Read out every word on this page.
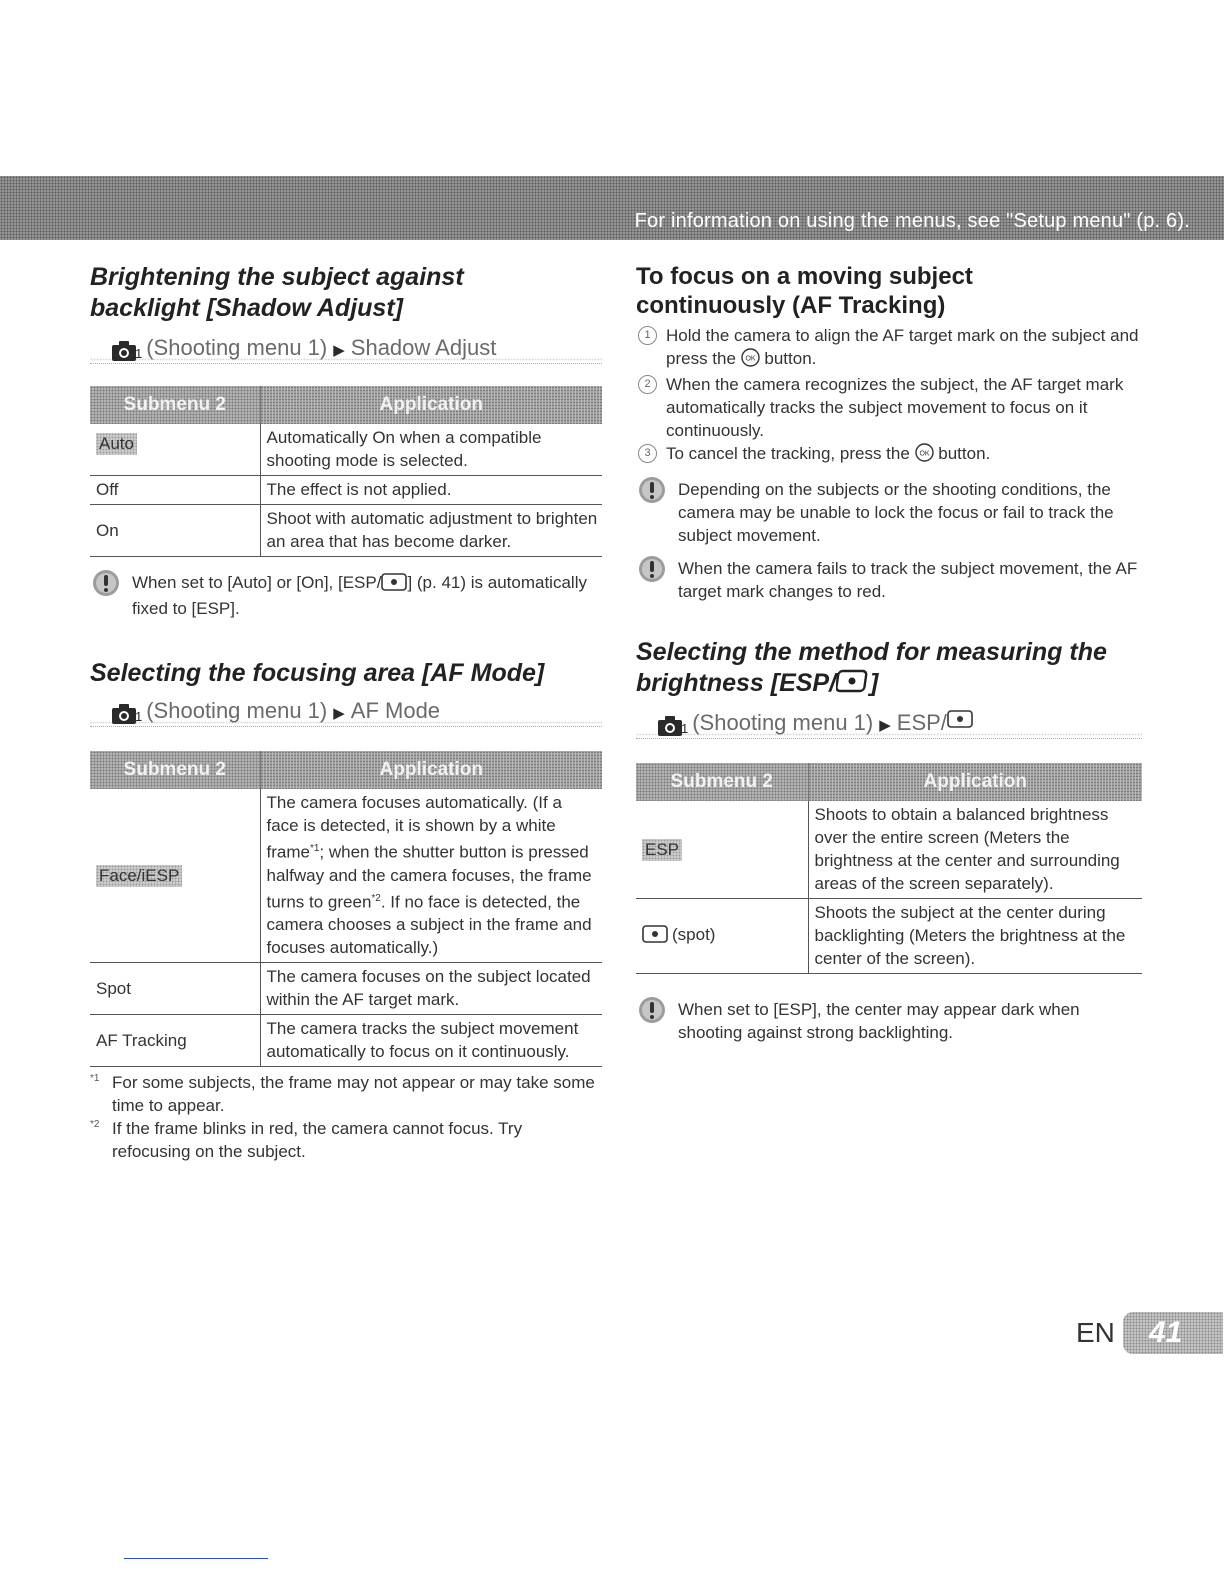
For information on using the menus, see "Setup menu" (p. 6).
Brightening the subject against
backlight [Shadow Adjust]
1 (Shooting menu 1) ▶ Shadow Adjust
Submenu 2	Application
Auto	Automatically On when a compatible shooting mode is selected.
Off	The effect is not applied.
On	Shoot with automatic adjustment to brighten an area that has become darker.
When set to [Auto] or [On], [ESP/ ] (p. 41) is automatically fixed to [ESP].
Selecting the focusing area [AF Mode]
1 (Shooting menu 1) ▶ AF Mode
Submenu 2	Application
Face/iESP	The camera focuses automatically. (If a face is detected, it is shown by a white frame$^{*1}$; when the shutter button is pressed halfway and the camera focuses, the frame turns to green$^{*2}$. If no face is detected, the camera chooses a subject in the frame and focuses automatically.)
Spot	The camera focuses on the subject located within the AF target mark.
AF Tracking	The camera tracks the subject movement automatically to focus on it continuously.
*1 For some subjects, the frame may not appear or may take some time to appear.
*2 If the frame blinks in red, the camera cannot focus. Try refocusing on the subject.
To focus on a moving subject
continuously (AF Tracking)
1 Hold the camera to align the AF target mark on the subject and press the OK button.
2 When the camera recognizes the subject, the AF target mark automatically tracks the subject movement to focus on it continuously.
3 To cancel the tracking, press the OK button.
Depending on the subjects or the shooting conditions, the camera may be unable to lock the focus or fail to track the subject movement.
When the camera fails to track the subject movement, the AF target mark changes to red.
Selecting the method for measuring the
brightness [ESP/ ]
1 (Shooting menu 1) ▶ ESP/
Submenu 2	Application
ESP	Shoots to obtain a balanced brightness over the entire screen (Meters the brightness at the center and surrounding areas of the screen separately).
(spot)	Shoots the subject at the center during backlighting (Meters the brightness at the center of the screen).
When set to [ESP], the center may appear dark when shooting against strong backlighting.
EN 41
